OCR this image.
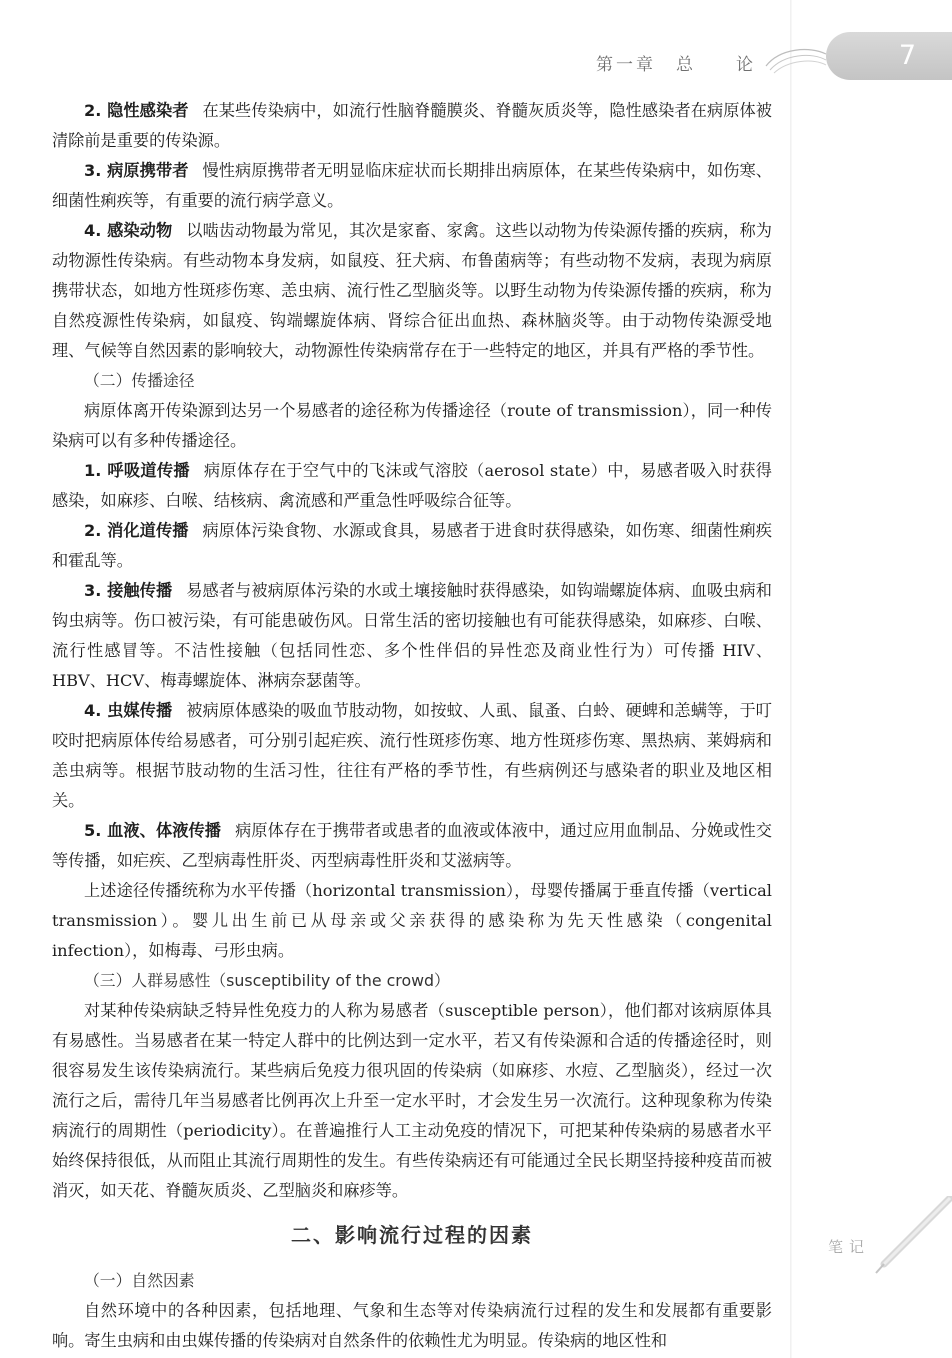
第一章　总　　论	7

2. 隐性感染者 在某些传染病中，如流行性脑脊髓膜炎、脊髓灰质炎等，隐性感染者在病原体被清除前是重要的传染源。

3. 病原携带者 慢性病原携带者无明显临床症状而长期排出病原体，在某些传染病中，如伤寒、细菌性痢疾等，有重要的流行病学意义。

4. 感染动物 以啮齿动物最为常见，其次是家畜、家禽。这些以动物为传染源传播的疾病，称为动物源性传染病。有些动物本身发病，如鼠疫、狂犬病、布鲁菌病等；有些动物不发病，表现为病原携带状态，如地方性斑疹伤寒、恙虫病、流行性乙型脑炎等。以野生动物为传染源传播的疾病，称为自然疫源性传染病，如鼠疫、钩端螺旋体病、肾综合征出血热、森林脑炎等。由于动物传染源受地理、气候等自然因素的影响较大，动物源性传染病常存在于一些特定的地区，并具有严格的季节性。

（二）传播途径

病原体离开传染源到达另一个易感者的途径称为传播途径（route of transmission），同一种传染病可以有多种传播途径。

1. 呼吸道传播 病原体存在于空气中的飞沫或气溶胶（aerosol state）中，易感者吸入时获得感染，如麻疹、白喉、结核病、禽流感和严重急性呼吸综合征等。

2. 消化道传播 病原体污染食物、水源或食具，易感者于进食时获得感染，如伤寒、细菌性痢疾和霍乱等。

3. 接触传播 易感者与被病原体污染的水或土壤接触时获得感染，如钩端螺旋体病、血吸虫病和钩虫病等。伤口被污染，有可能患破伤风。日常生活的密切接触也有可能获得感染，如麻疹、白喉、流行性感冒等。不洁性接触（包括同性恋、多个性伴侣的异性恋及商业性行为）可传播 HIV、HBV、HCV、梅毒螺旋体、淋病奈瑟菌等。

4. 虫媒传播 被病原体感染的吸血节肢动物，如按蚊、人虱、鼠蚤、白蛉、硬蜱和恙螨等，于叮咬时把病原体传给易感者，可分别引起疟疾、流行性斑疹伤寒、地方性斑疹伤寒、黑热病、莱姆病和恙虫病等。根据节肢动物的生活习性，往往有严格的季节性，有些病例还与感染者的职业及地区相关。

5. 血液、体液传播 病原体存在于携带者或患者的血液或体液中，通过应用血制品、分娩或性交等传播，如疟疾、乙型病毒性肝炎、丙型病毒性肝炎和艾滋病等。

上述途径传播统称为水平传播（horizontal transmission），母婴传播属于垂直传播（vertical transmission）。婴儿出生前已从母亲或父亲获得的感染称为先天性感染（congenital infection），如梅毒、弓形虫病。

（三）人群易感性（susceptibility of the crowd）

对某种传染病缺乏特异性免疫力的人称为易感者（susceptible person），他们都对该病原体具有易感性。当易感者在某一特定人群中的比例达到一定水平，若又有传染源和合适的传播途径时，则很容易发生该传染病流行。某些病后免疫力很巩固的传染病（如麻疹、水痘、乙型脑炎），经过一次流行之后，需待几年当易感者比例再次上升至一定水平时，才会发生另一次流行。这种现象称为传染病流行的周期性（periodicity）。在普遍推行人工主动免疫的情况下，可把某种传染病的易感者水平始终保持很低，从而阻止其流行周期性的发生。有些传染病还有可能通过全民长期坚持接种疫苗而被消灭，如天花、脊髓灰质炎、乙型脑炎和麻疹等。

二、影响流行过程的因素

（一）自然因素

自然环境中的各种因素，包括地理、气象和生态等对传染病流行过程的发生和发展都有重要影响。寄生虫病和由虫媒传播的传染病对自然条件的依赖性尤为明显。传染病的地区性和

笔记
